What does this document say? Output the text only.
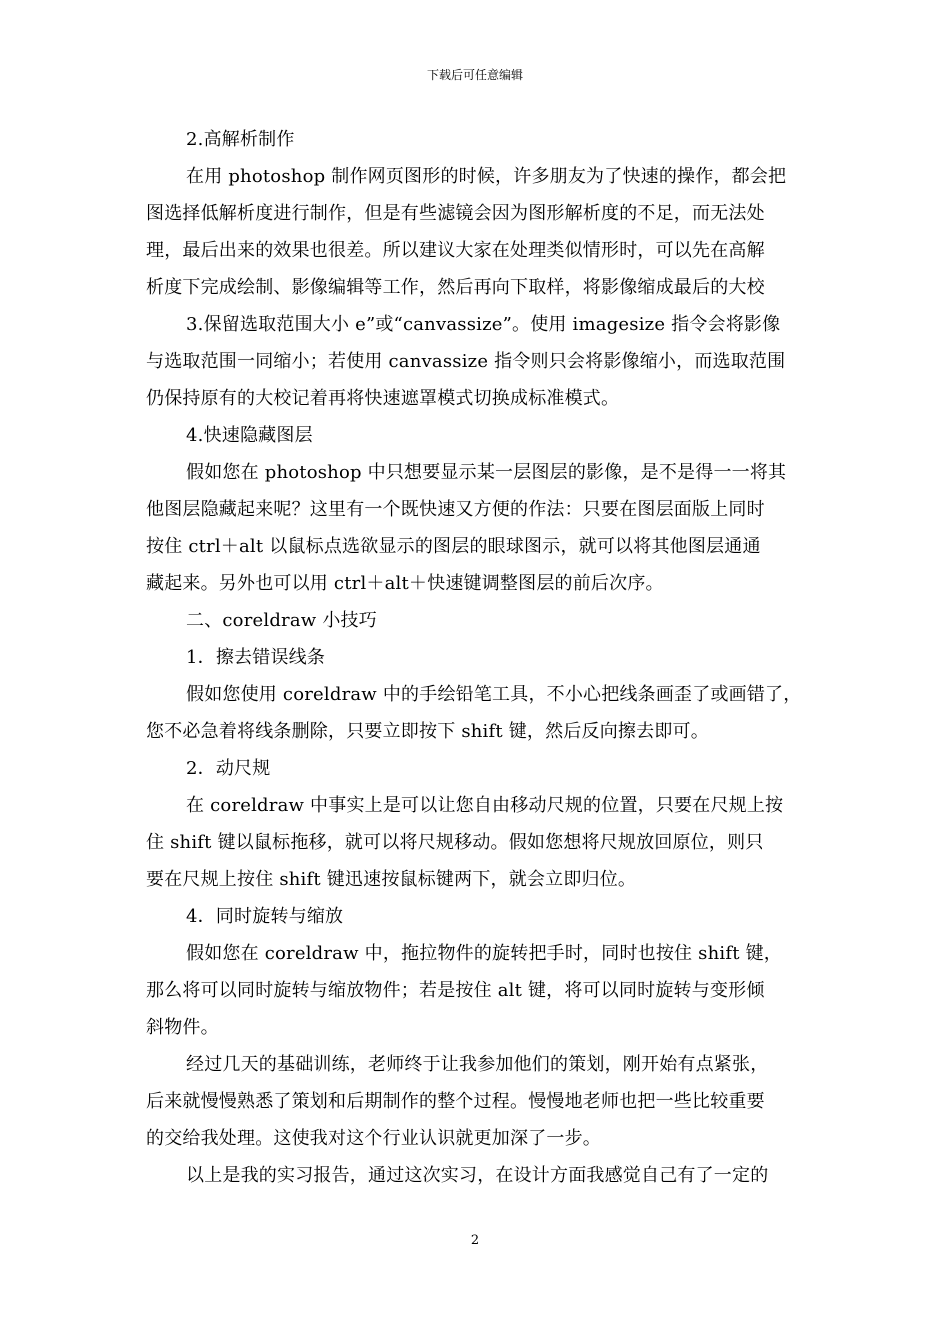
下载后可任意编辑
2.高解析制作
在用 photoshop 制作网页图形的时候，许多朋友为了快速的操作，都会把
图选择低解析度进行制作，但是有些滤镜会因为图形解析度的不足，而无法处
理，最后出来的效果也很差。所以建议大家在处理类似情形时，可以先在高解
析度下完成绘制、影像编辑等工作，然后再向下取样，将影像缩成最后的大校
3.保留选取范围大小 e”或“canvassize”。使用 imagesize 指令会将影像
与选取范围一同缩小；若使用 canvassize 指令则只会将影像缩小，而选取范围
仍保持原有的大校记着再将快速遮罩模式切换成标准模式。
4.快速隐藏图层
假如您在 photoshop 中只想要显示某一层图层的影像，是不是得一一将其
他图层隐藏起来呢？这里有一个既快速又方便的作法：只要在图层面版上同时
按住 ctrl＋alt 以鼠标点选欲显示的图层的眼球图示，就可以将其他图层通通
藏起来。另外也可以用 ctrl＋alt＋快速键调整图层的前后次序。
二、coreldraw 小技巧
1．擦去错误线条
假如您使用 coreldraw 中的手绘铅笔工具，不小心把线条画歪了或画错了，
您不必急着将线条删除，只要立即按下 shift 键，然后反向擦去即可。
2．动尺规
在 coreldraw 中事实上是可以让您自由移动尺规的位置，只要在尺规上按
住 shift 键以鼠标拖移，就可以将尺规移动。假如您想将尺规放回原位，则只
要在尺规上按住 shift 键迅速按鼠标键两下，就会立即归位。
4．同时旋转与缩放
假如您在 coreldraw 中，拖拉物件的旋转把手时，同时也按住 shift 键，
那么将可以同时旋转与缩放物件；若是按住 alt 键，将可以同时旋转与变形倾
斜物件。
经过几天的基础训练，老师终于让我参加他们的策划，刚开始有点紧张，
后来就慢慢熟悉了策划和后期制作的整个过程。慢慢地老师也把一些比较重要
的交给我处理。这使我对这个行业认识就更加深了一步。
以上是我的实习报告，通过这次实习，在设计方面我感觉自己有了一定的
2
